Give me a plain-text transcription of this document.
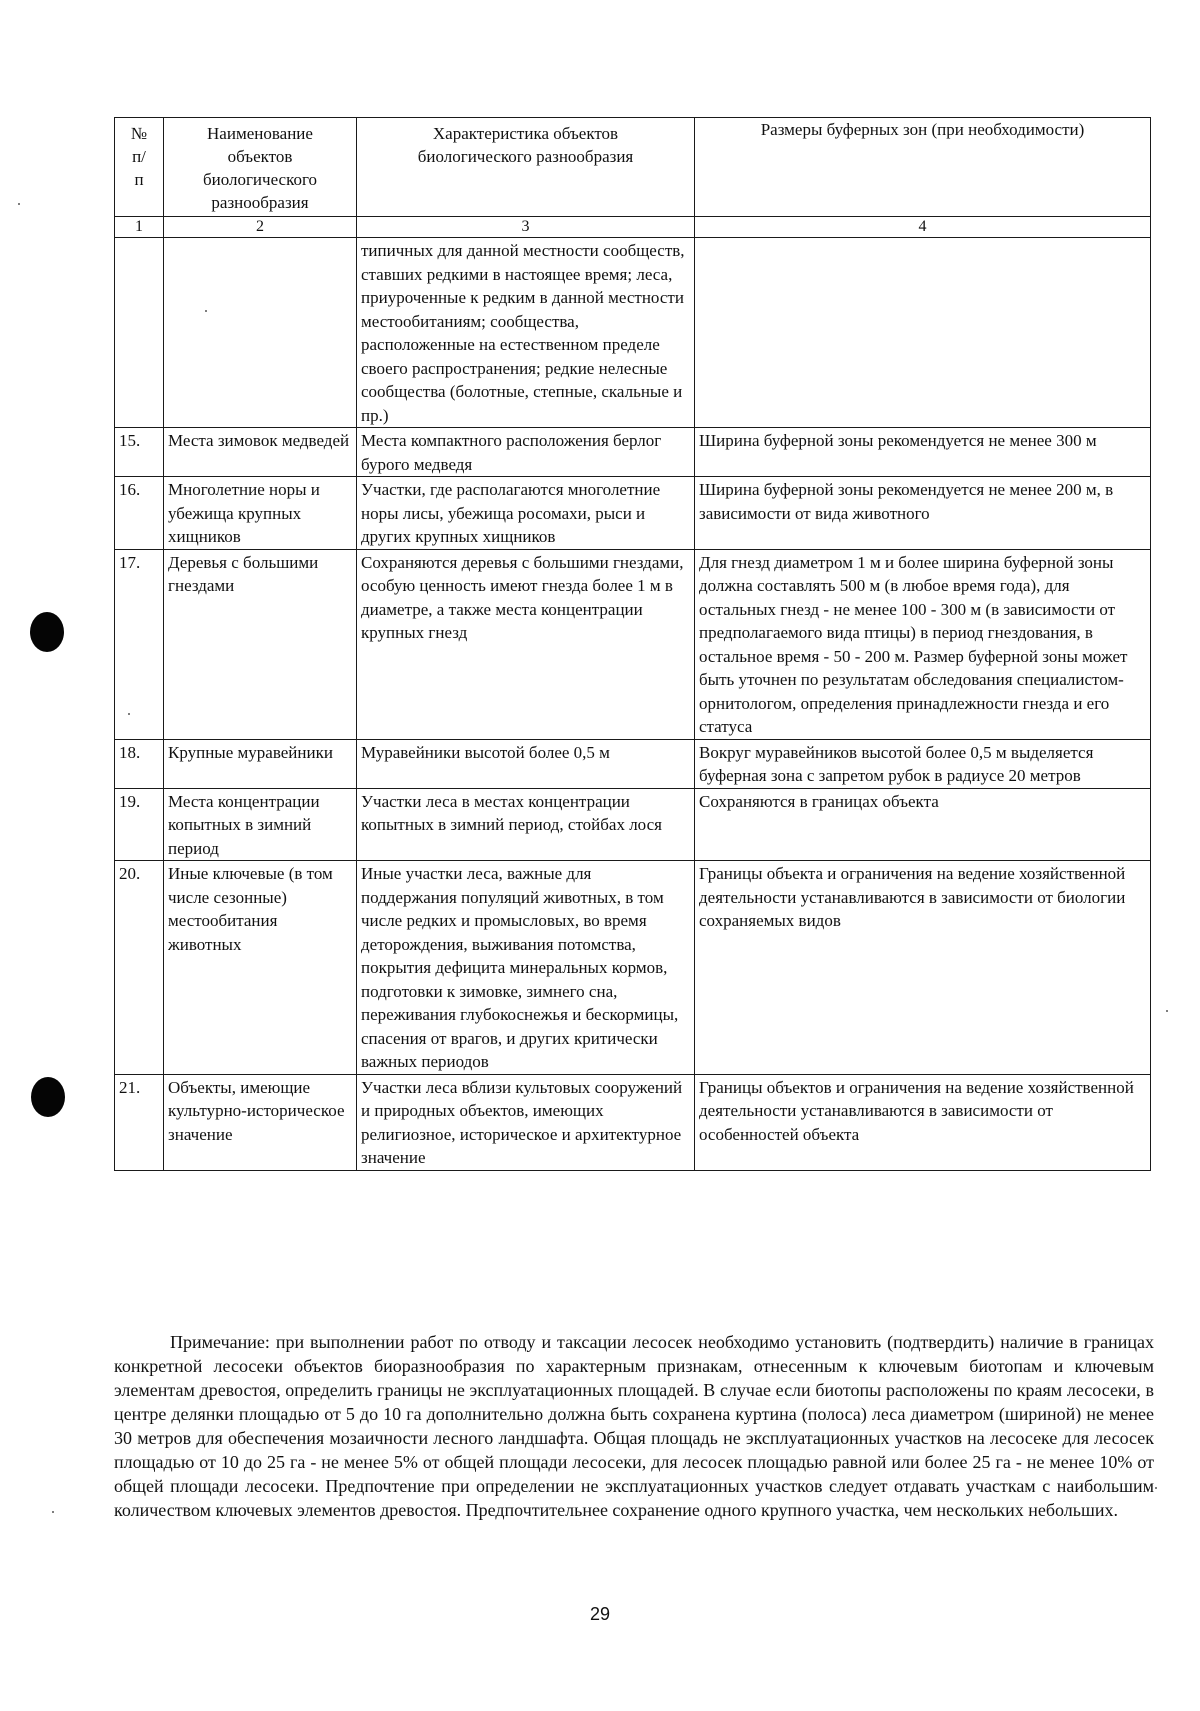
№ п/п	Наименование объектов биологического разнообразия	Характеристика объектов биологического разнообразия	Размеры буферных зон (при необходимости)
1	2	3	4
		типичных для данной местности сообществ, ставших редкими в настоящее время; леса, приуроченные к редким в данной местности местообитаниям; сообщества, расположенные на естественном пределе своего распространения; редкие нелесные сообщества (болотные, степные, скальные и пр.)	
15.	Места зимовок медведей	Места компактного расположения берлог бурого медведя	Ширина буферной зоны рекомендуется не менее 300 м
16.	Многолетние норы и убежища крупных хищников	Участки, где располагаются многолетние норы лисы, убежища росомахи, рыси и других крупных хищников	Ширина буферной зоны рекомендуется не менее 200 м, в зависимости от вида животного
17.	Деревья с большими гнездами	Сохраняются деревья с большими гнездами, особую ценность имеют гнезда более 1 м в диаметре, а также места концентрации крупных гнезд	Для гнезд диаметром 1 м и более ширина буферной зоны должна составлять 500 м (в любое время года), для остальных гнезд - не менее 100 - 300 м (в зависимости от предполагаемого вида птицы) в период гнездования, в остальное время - 50 - 200 м. Размер буферной зоны может быть уточнен по результатам обследования специалистом-орнитологом, определения принадлежности гнезда и его статуса
18.	Крупные муравейники	Муравейники высотой более 0,5 м	Вокруг муравейников высотой более 0,5 м выделяется буферная зона с запретом рубок в радиусе 20 метров
19.	Места концентрации копытных в зимний период	Участки леса в местах концентрации копытных в зимний период, стойбах лося	Сохраняются в границах объекта
20.	Иные ключевые (в том числе сезонные) местообитания животных	Иные участки леса, важные для поддержания популяций животных, в том числе редких и промысловых, во время деторождения, выживания потомства, покрытия дефицита минеральных кормов, подготовки к зимовке, зимнего сна, переживания глубокоснежья и бескормицы, спасения от врагов, и других критически важных периодов	Границы объекта и ограничения на ведение хозяйственной деятельности устанавливаются в зависимости от биологии сохраняемых видов
21.	Объекты, имеющие культурно-историческое значение	Участки леса вблизи культовых сооружений и природных объектов, имеющих религиозное, историческое и архитектурное значение	Границы объектов и ограничения на ведение хозяйственной деятельности устанавливаются в зависимости от особенностей объекта

Примечание: при выполнении работ по отводу и таксации лесосек необходимо установить (подтвердить) наличие в границах конкретной лесосеки объектов биоразнообразия по характерным признакам, отнесенным к ключевым биотопам и ключевым элементам древостоя, определить границы не эксплуатационных площадей. В случае если биотопы расположены по краям лесосеки, в центре делянки площадью от 5 до 10 га дополнительно должна быть сохранена куртина (полоса) леса диаметром (шириной) не менее 30 метров для обеспечения мозаичности лесного ландшафта. Общая площадь не эксплуатационных участков на лесосеке для лесосек площадью от 10 до 25 га - не менее 5% от общей площади лесосеки, для лесосек площадью равной или более 25 га - не менее 10% от общей площади лесосеки. Предпочтение при определении не эксплуатационных участков следует отдавать участкам с наибольшим количеством ключевых элементов древостоя. Предпочтительнее сохранение одного крупного участка, чем нескольких небольших.

29
